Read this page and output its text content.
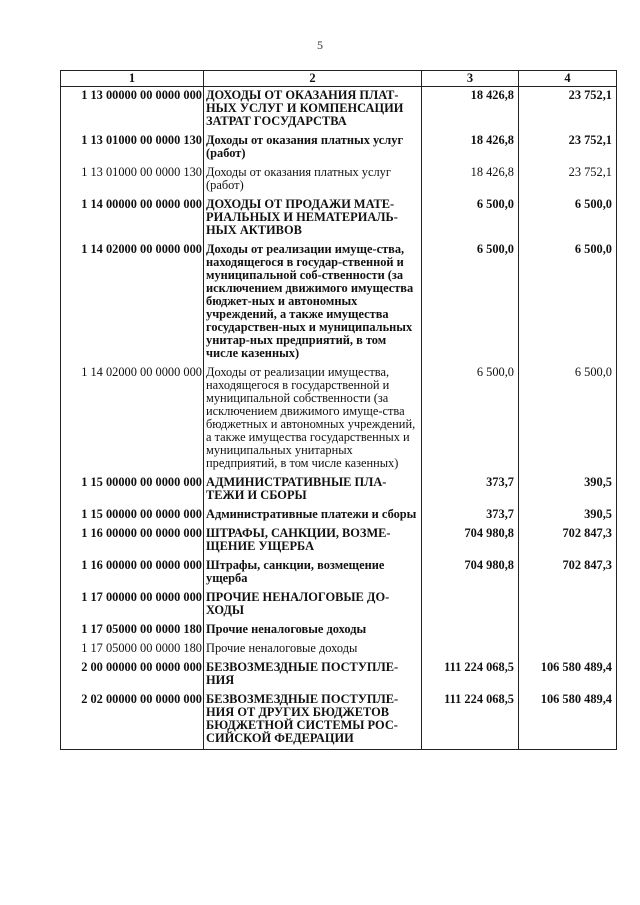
5
1	2	3	4
1 13 00000 00 0000 000	ДОХОДЫ ОТ ОКАЗАНИЯ ПЛАТ-НЫХ УСЛУГ И КОМПЕНСАЦИИ ЗАТРАТ ГОСУДАРСТВА	18 426,8	23 752,1
1 13 01000 00 0000 130	Доходы от оказания платных услуг (работ)	18 426,8	23 752,1
1 13 01000 00 0000 130	Доходы от оказания платных услуг (работ)	18 426,8	23 752,1
1 14 00000 00 0000 000	ДОХОДЫ ОТ ПРОДАЖИ МАТЕ-РИАЛЬНЫХ И НЕМАТЕРИАЛЬ-НЫХ АКТИВОВ	6 500,0	6 500,0
1 14 02000 00 0000 000	Доходы от реализации имуще-ства, находящегося в государ-ственной и муниципальной соб-ственности (за исключением движимого имущества бюджет-ных и автономных учреждений, а также имущества государствен-ных и муниципальных унитар-ных предприятий, в том числе казенных)	6 500,0	6 500,0
1 14 02000 00 0000 000	Доходы от реализации имущества, находящегося в государственной и муниципальной собственности (за исключением движимого имуще-ства бюджетных и автономных учреждений, а также имущества государственных и муниципальных унитарных предприятий, в том числе казенных)	6 500,0	6 500,0
1 15 00000 00 0000 000	АДМИНИСТРАТИВНЫЕ ПЛА-ТЕЖИ И СБОРЫ	373,7	390,5
1 15 00000 00 0000 000	Административные платежи и сборы	373,7	390,5
1 16 00000 00 0000 000	ШТРАФЫ, САНКЦИИ, ВОЗМЕ-ЩЕНИЕ УЩЕРБА	704 980,8	702 847,3
1 16 00000 00 0000 000	Штрафы, санкции, возмещение ущерба	704 980,8	702 847,3
1 17 00000 00 0000 000	ПРОЧИЕ НЕНАЛОГОВЫЕ ДО-ХОДЫ		
1 17 05000 00 0000 180	Прочие неналоговые доходы		
1 17 05000 00 0000 180	Прочие неналоговые доходы		
2 00 00000 00 0000 000	БЕЗВОЗМЕЗДНЫЕ ПОСТУПЛЕ-НИЯ	111 224 068,5	106 580 489,4
2 02 00000 00 0000 000	БЕЗВОЗМЕЗДНЫЕ ПОСТУПЛЕ-НИЯ ОТ ДРУГИХ БЮДЖЕТОВ БЮДЖЕТНОЙ СИСТЕМЫ РОС-СИЙСКОЙ ФЕДЕРАЦИИ	111 224 068,5	106 580 489,4
